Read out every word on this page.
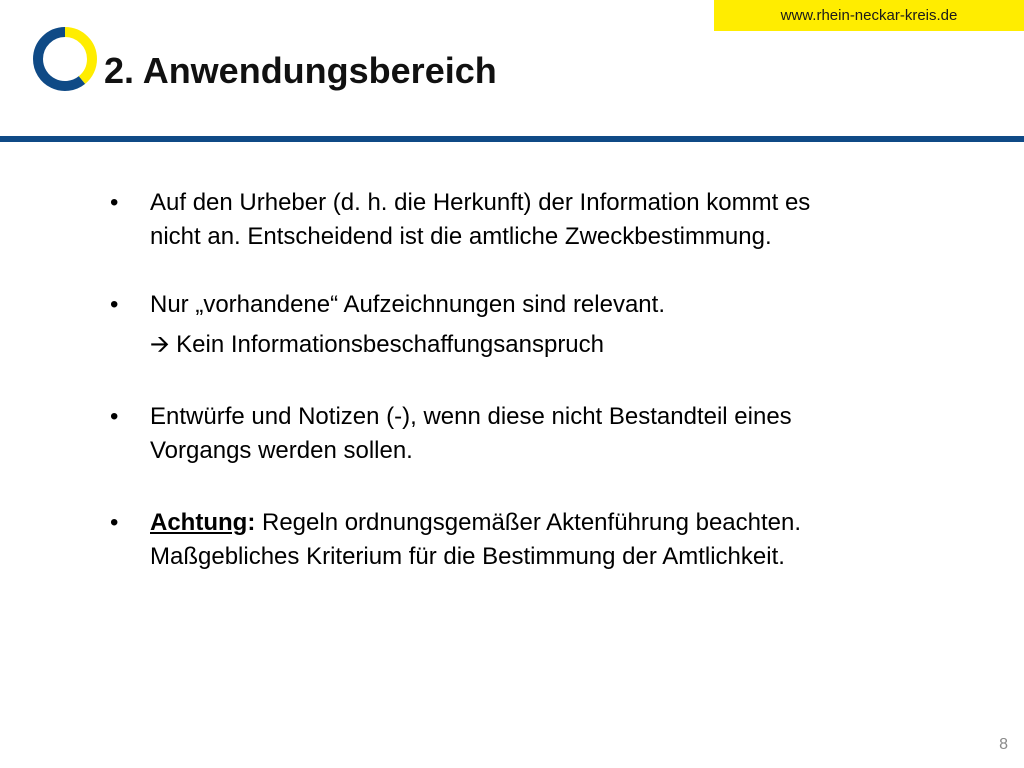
www.rhein-neckar-kreis.de
2. Anwendungsbereich
• Auf den Urheber (d. h. die Herkunft) der Information kommt es
nicht an. Entscheidend ist die amtliche Zweckbestimmung.
• Nur „vorhandene“ Aufzeichnungen sind relevant.
🡪 Kein Informationsbeschaffungsanspruch
• Entwürfe und Notizen (-), wenn diese nicht Bestandteil eines
Vorgangs werden sollen.
• Achtung: Regeln ordnungsgemäßer Aktenführung beachten.
Maßgebliches Kriterium für die Bestimmung der Amtlichkeit.
8
